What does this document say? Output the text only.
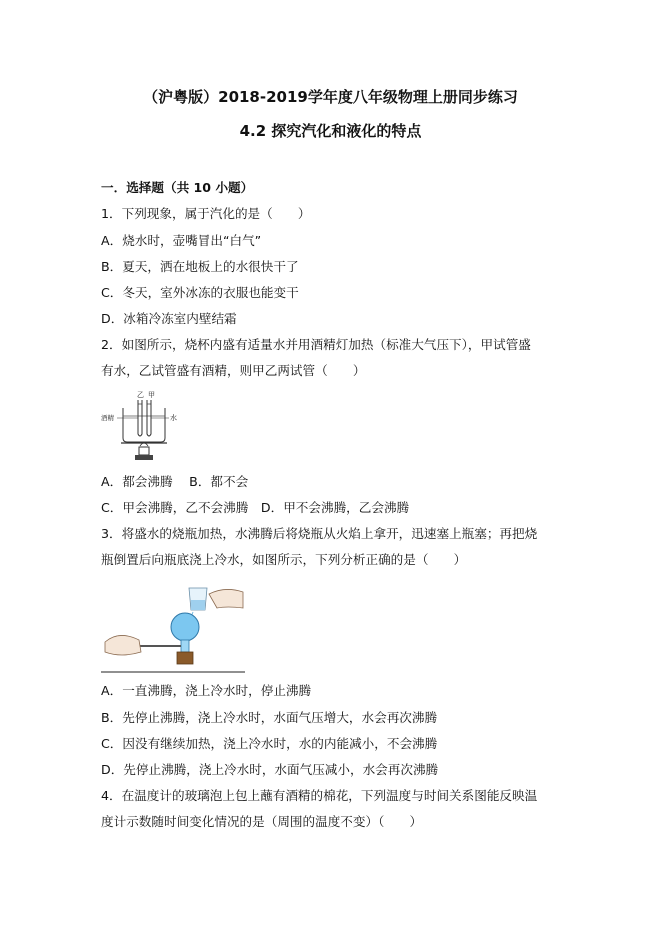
（沪粤版）2018-2019学年度八年级物理上册同步练习
4.2 探究汽化和液化的特点
一．选择题（共 10 小题）
1．下列现象，属于汽化的是（　　）
A．烧水时，壶嘴冒出“白气”
B．夏天，洒在地板上的水很快干了
C．冬天，室外冰冻的衣服也能变干
D．冰箱冷冻室内壁结霜
2．如图所示，烧杯内盛有适量水并用酒精灯加热（标准大气压下），甲试管盛
有水，乙试管盛有酒精，则甲乙两试管（　　）
乙 甲
酒精	水
A．都会沸腾　 B．都不会
C．甲会沸腾，乙不会沸腾　D．甲不会沸腾，乙会沸腾
3．将盛水的烧瓶加热，水沸腾后将烧瓶从火焰上拿开，迅速塞上瓶塞；再把烧
瓶倒置后向瓶底浇上冷水，如图所示，下列分析正确的是（　　）
A．一直沸腾，浇上冷水时，停止沸腾
B．先停止沸腾，浇上冷水时，水面气压增大，水会再次沸腾
C．因没有继续加热，浇上冷水时，水的内能减小，不会沸腾
D．先停止沸腾，浇上冷水时，水面气压减小，水会再次沸腾
4．在温度计的玻璃泡上包上蘸有酒精的棉花，下列温度与时间关系图能反映温
度计示数随时间变化情况的是（周围的温度不变）（　　）
